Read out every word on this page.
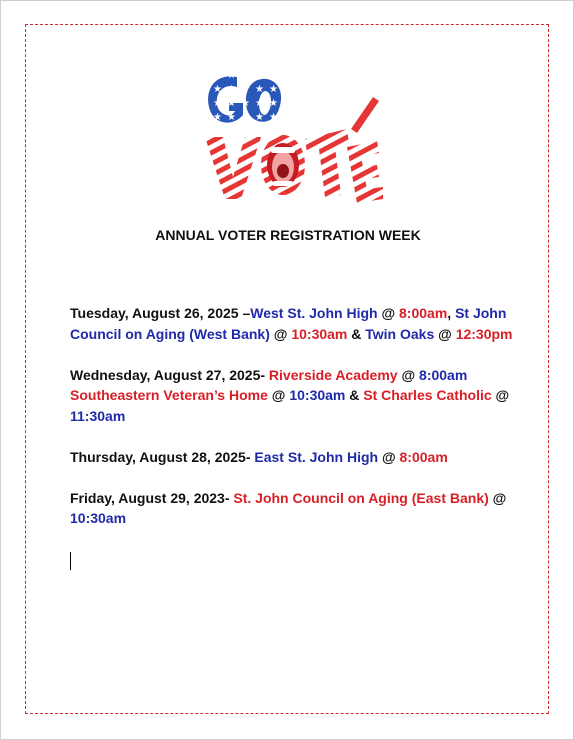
ANNUAL VOTER REGISTRATION WEEK

Tuesday, August 26, 2025 –West St. John High @ 8:00am, St John Council on Aging (West Bank) @ 10:30am & Twin Oaks @ 12:30pm

Wednesday, August 27, 2025- Riverside Academy @ 8:00am Southeastern Veteran’s Home @ 10:30am & St Charles Catholic @ 11:30am

Thursday, August 28, 2025- East St. John High @ 8:00am

Friday, August 29, 2023- St. John Council on Aging (East Bank) @ 10:30am
